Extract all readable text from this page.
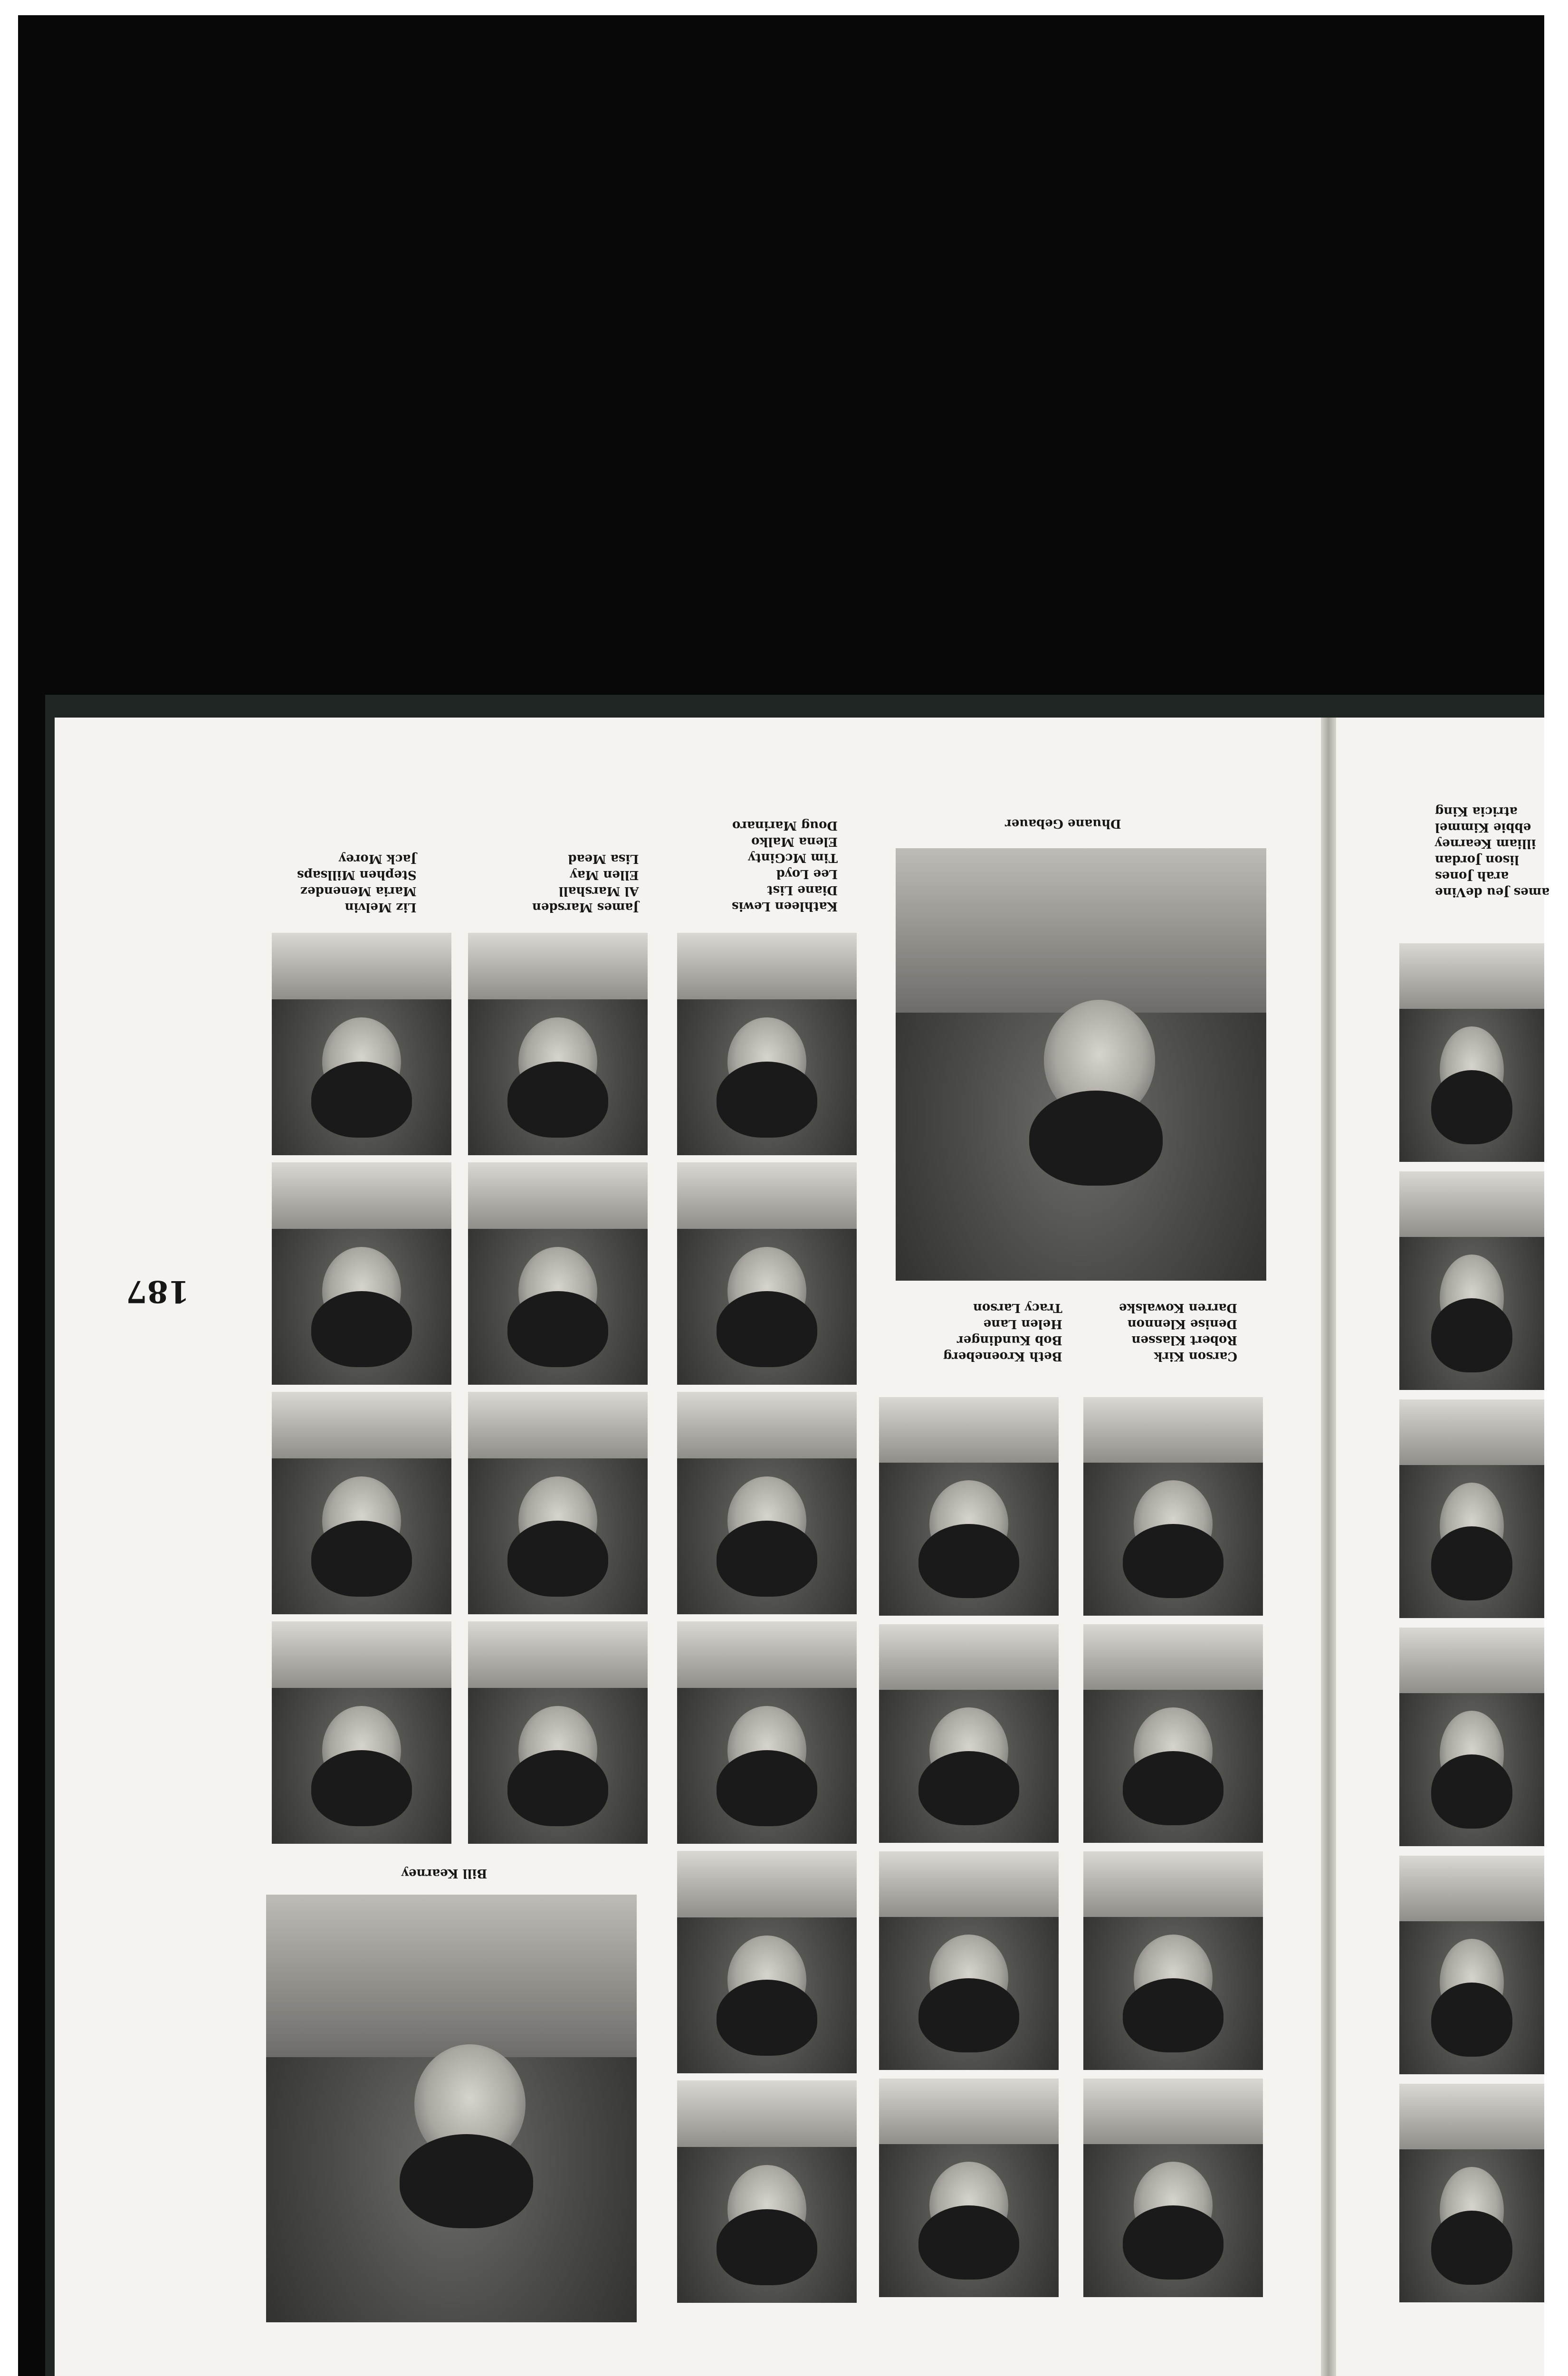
187
Bill Kearney
Dhuane Gebauer
Liz Melvin
Maria Menendez
Stephen Millsaps
Jack Morey
James Marsden
Al Marshall
Ellen May
Lisa Mead
Kathleen Lewis
Diane List
Lee Loyd
Tim McGinty
Elena Malko
Doug Marinaro
Beth Kroeneberg
Bob Kundinger
Helen Lane
Tracy Larson
Carson Kirk
Robert Klassen
Denise Klennon
Darren Kowalske
ames Jeu deVine
arah Jones
lison Jordan
illiam Kearney
ebbie Kimmel
atricia King
